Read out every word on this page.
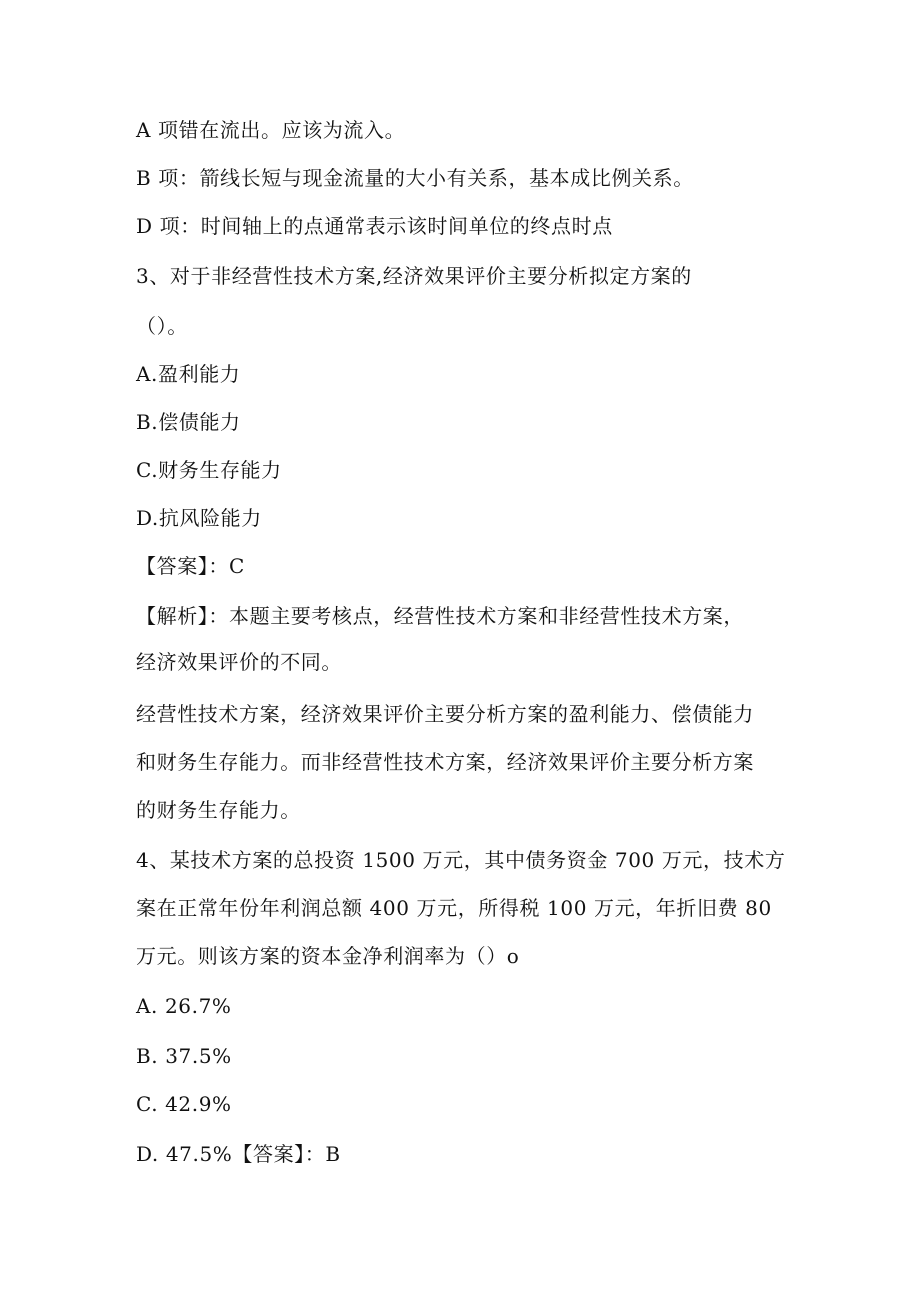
A 项错在流出。应该为流入。
B 项：箭线长短与现金流量的大小有关系，基本成比例关系。
D 项：时间轴上的点通常表示该时间单位的终点时点
3、对于非经营性技术方案,经济效果评价主要分析拟定方案的
（）。
A.盈利能力
B.偿债能力
C.财务生存能力
D.抗风险能力
【答案】：C
【解析】：本题主要考核点，经营性技术方案和非经营性技术方案，
经济效果评价的不同。
经营性技术方案，经济效果评价主要分析方案的盈利能力、偿债能力
和财务生存能力。而非经营性技术方案，经济效果评价主要分析方案
的财务生存能力。
4、某技术方案的总投资 1500 万元，其中债务资金 700 万元，技术方
案在正常年份年利润总额 400 万元，所得税 100 万元，年折旧费 80
万元。则该方案的资本金净利润率为（）o
A. 26.7%
B. 37.5%
C. 42.9%
D. 47.5%【答案】：B
